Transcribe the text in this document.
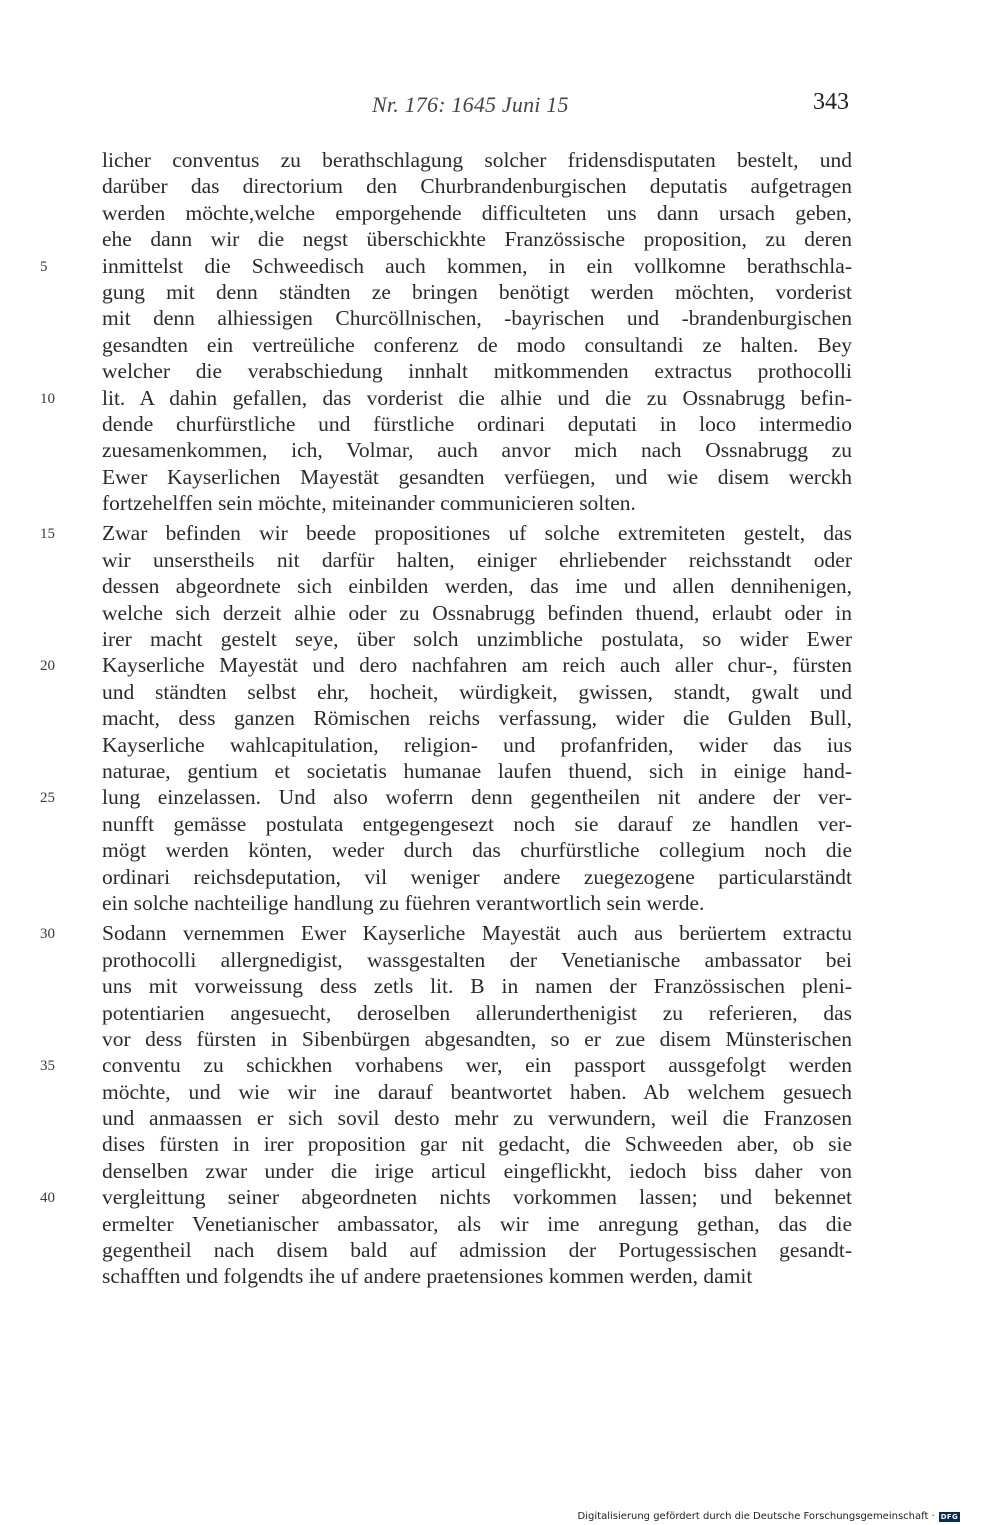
Nr. 176: 1645 Juni 15	343
licher conventus zu berathschlagung solcher fridensdisputaten bestelt, und
darüber das directorium den Churbrandenburgischen deputatis aufgetragen
werden möchte,welche emporgehende difficulteten uns dann ursach geben,
ehe dann wir die negst überschickhte Französsische proposition, zu deren
5	inmittelst die Schweedisch auch kommen, in ein vollkomne berathschla-
gung mit denn ständten ze bringen benötigt werden möchten, vorderist
mit denn alhiessigen Churcöllnischen, -bayrischen und -brandenburgischen
gesandten ein vertreüliche conferenz de modo consultandi ze halten. Bey
welcher die verabschiedung innhalt mitkommenden extractus prothocolli
10	lit. A dahin gefallen, das vorderist die alhie und die zu Ossnabrugg befin-
dende churfürstliche und fürstliche ordinari deputati in loco intermedio
zuesamenkommen, ich, Volmar, auch anvor mich nach Ossnabrugg zu
Ewer Kayserlichen Mayestät gesandten verfüegen, und wie disem werckh
fortzehelffen sein möchte, miteinander communicieren solten.
15	Zwar befinden wir beede propositiones uf solche extremiteten gestelt, das
wir unserstheils nit darfür halten, einiger ehrliebender reichsstandt oder
dessen abgeordnete sich einbilden werden, das ime und allen dennihenigen,
welche sich derzeit alhie oder zu Ossnabrugg befinden thuend, erlaubt oder in
irer macht gestelt seye, über solch unzimbliche postulata, so wider Ewer
20	Kayserliche Mayestät und dero nachfahren am reich auch aller chur-, fürsten
und ständten selbst ehr, hocheit, würdigkeit, gwissen, standt, gwalt und
macht, dess ganzen Römischen reichs verfassung, wider die Gulden Bull,
Kayserliche wahlcapitulation, religion- und profanfriden, wider das ius
naturae, gentium et societatis humanae laufen thuend, sich in einige hand-
25	lung einzelassen. Und also woferrn denn gegentheilen nit andere der ver-
nunfft gemässe postulata entgegengesezt noch sie darauf ze handlen ver-
mögt werden könten, weder durch das churfürstliche collegium noch die
ordinari reichsdeputation, vil weniger andere zuegezogene particularständt
ein solche nachteilige handlung zu füehren verantwortlich sein werde.
30	Sodann vernemmen Ewer Kayserliche Mayestät auch aus berüertem extractu
prothocolli allergnedigist, wassgestalten der Venetianische ambassator bei
uns mit vorweissung dess zetls lit. B in namen der Französsischen pleni-
potentiarien angesuecht, deroselben allerunderthenigist zu referieren, das
vor dess fürsten in Sibenbürgen abgesandten, so er zue disem Münsterischen
35	conventu zu schickhen vorhabens wer, ein passport aussgefolgt werden
möchte, und wie wir ine darauf beantwortet haben. Ab welchem gesuech
und anmaassen er sich sovil desto mehr zu verwundern, weil die Franzosen
dises fürsten in irer proposition gar nit gedacht, die Schweeden aber, ob sie
denselben zwar under die irige articul eingeflickht, iedoch biss daher von
40	vergleittung seiner abgeordneten nichts vorkommen lassen; und bekennet
ermelter Venetianischer ambassator, als wir ime anregung gethan, das die
gegentheil nach disem bald auf admission der Portugessischen gesandt-
schafften und folgendts ihe uf andere praetensiones kommen werden, damit
Digitalisierung gefördert durch die Deutsche Forschungsgemeinschaft · DFG
